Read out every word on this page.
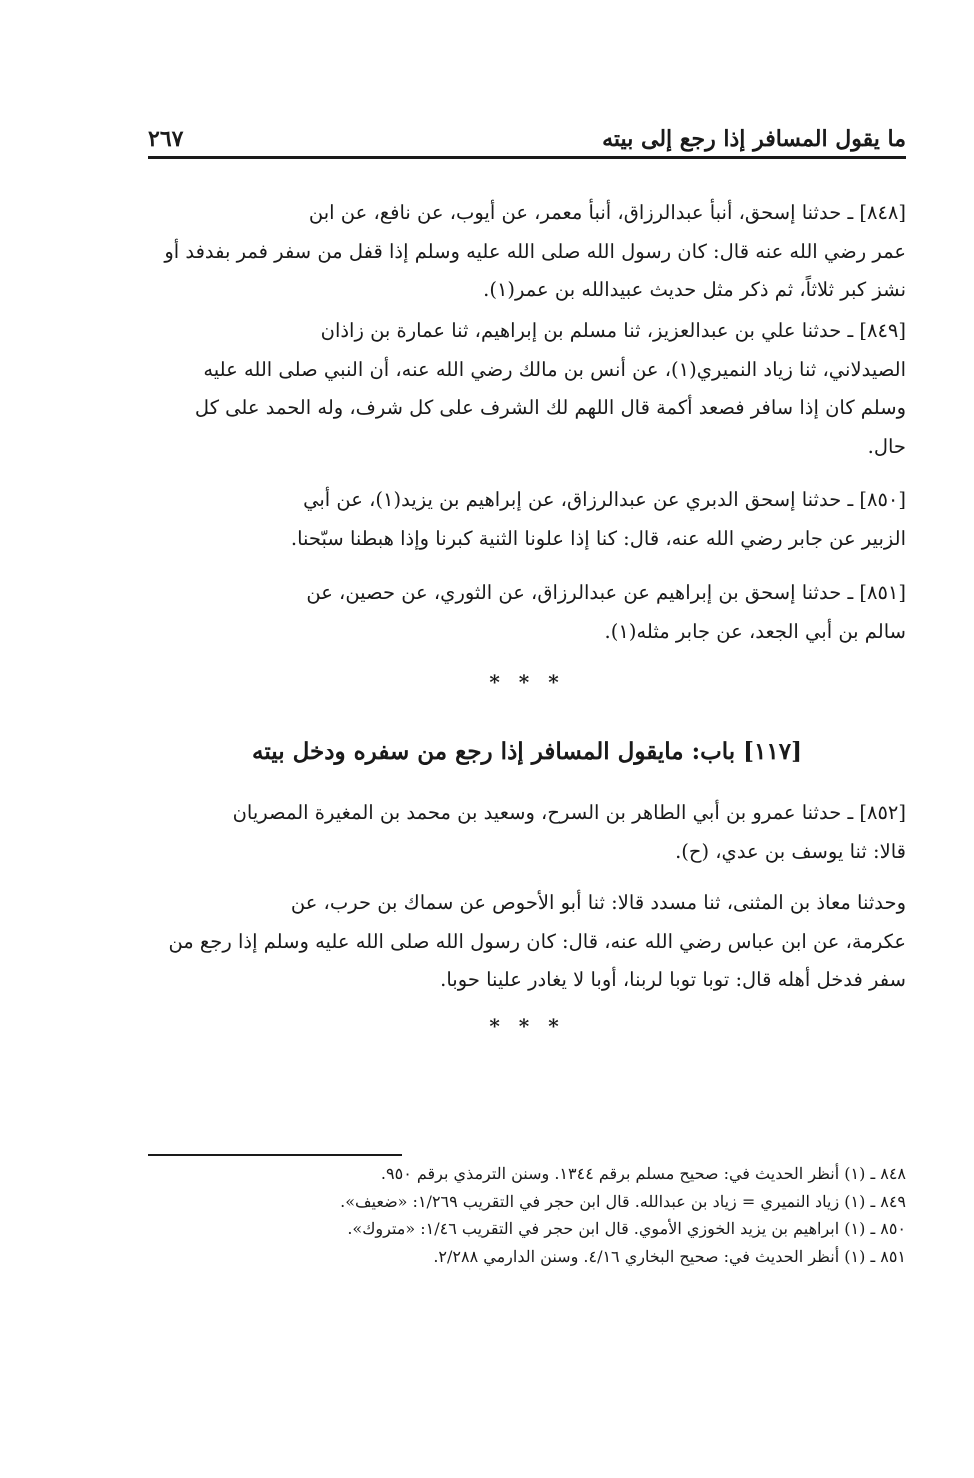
ما يقول المسافر إذا رجع إلى بيته
٢٦٧
[٨٤٨] ـ حدثنا إسحق، أنبأ عبدالرزاق، أنبأ معمر، عن أيوب، عن نافع، عن ابن
عمر رضي الله عنه قال: كان رسول الله صلى الله عليه وسلم إذا قفل من سفر فمر بفدفد أو
نشز كبر ثلاثاً، ثم ذكر مثل حديث عبيدالله بن عمر(١).
[٨٤٩] ـ حدثنا علي بن عبدالعزيز، ثنا مسلم بن إبراهيم، ثنا عمارة بن زاذان
الصيدلاني، ثنا زياد النميري(١)، عن أنس بن مالك رضي الله عنه، أن النبي صلى الله عليه
وسلم كان إذا سافر فصعد أكمة قال اللهم لك الشرف على كل شرف، وله الحمد على كل
حال.
[٨٥٠] ـ حدثنا إسحق الدبري عن عبدالرزاق، عن إبراهيم بن يزيد(١)، عن أبي
الزبير عن جابر رضي الله عنه، قال: كنا إذا علونا الثنية كبرنا وإذا هبطنا سبّحنا.
[٨٥١] ـ حدثنا إسحق بن إبراهيم عن عبدالرزاق، عن الثوري، عن حصين، عن
سالم بن أبي الجعد، عن جابر مثله(١).
* * *
[١١٧] باب: مايقول المسافر إذا رجع من سفره ودخل بيته
[٨٥٢] ـ حدثنا عمرو بن أبي الطاهر بن السرح، وسعيد بن محمد بن المغيرة المصريان
قالا: ثنا يوسف بن عدي، (ح).
وحدثنا معاذ بن المثنى، ثنا مسدد قالا: ثنا أبو الأحوص عن سماك بن حرب، عن
عكرمة، عن ابن عباس رضي الله عنه، قال: كان رسول الله صلى الله عليه وسلم إذا رجع من
سفر فدخل أهله قال: توبا توبا لربنا، أوبا لا يغادر علينا حوبا.
* * *
٨٤٨ ـ (١) أنظر الحديث في: صحيح مسلم برقم ١٣٤٤. وسنن الترمذي برقم ٩٥٠.
٨٤٩ ـ (١) زياد النميري = زياد بن عبدالله. قال ابن حجر في التقريب ١/٢٦٩: «ضعيف».
٨٥٠ ـ (١) ابراهيم بن يزيد الخوزي الأموي. قال ابن حجر في التقريب ١/٤٦: «متروك».
٨٥١ ـ (١) أنظر الحديث في: صحيح البخاري ٤/١٦. وسنن الدارمي ٢/٢٨٨.
